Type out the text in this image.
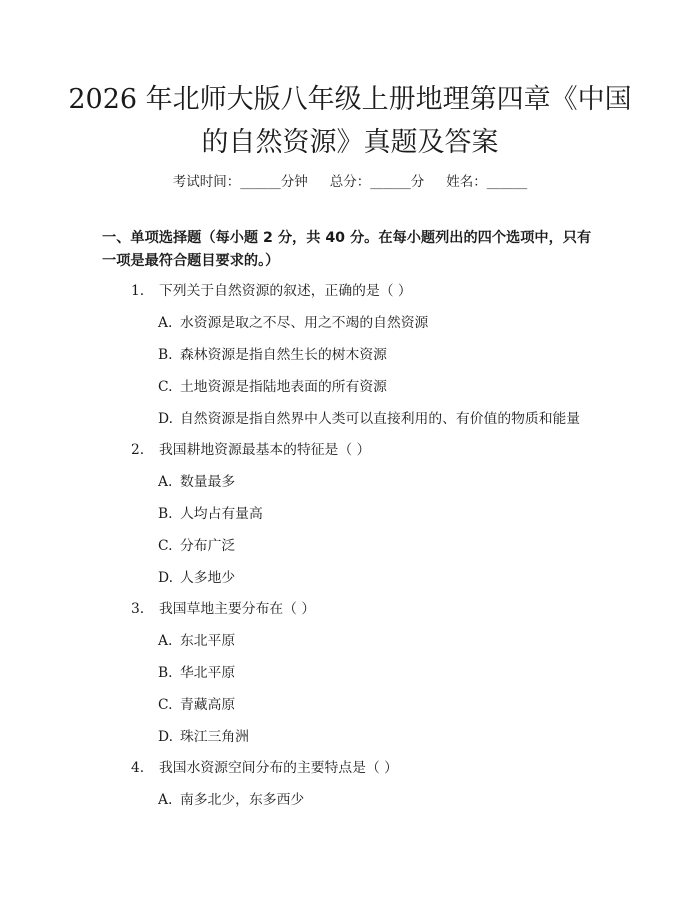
2026 年北师大版八年级上册地理第四章《中国的自然资源》真题及答案
考试时间：______分钟 总分：______分 姓名：______
一、单项选择题（每小题 2 分，共 40 分。在每小题列出的四个选项中，只有一项是最符合题目要求的。）
1. 下列关于自然资源的叙述，正确的是（ ）
A. 水资源是取之不尽、用之不竭的自然资源
B. 森林资源是指自然生长的树木资源
C. 土地资源是指陆地表面的所有资源
D. 自然资源是指自然界中人类可以直接利用的、有价值的物质和能量
2. 我国耕地资源最基本的特征是（ ）
A. 数量最多
B. 人均占有量高
C. 分布广泛
D. 人多地少
3. 我国草地主要分布在（ ）
A. 东北平原
B. 华北平原
C. 青藏高原
D. 珠江三角洲
4. 我国水资源空间分布的主要特点是（ ）
A. 南多北少，东多西少
